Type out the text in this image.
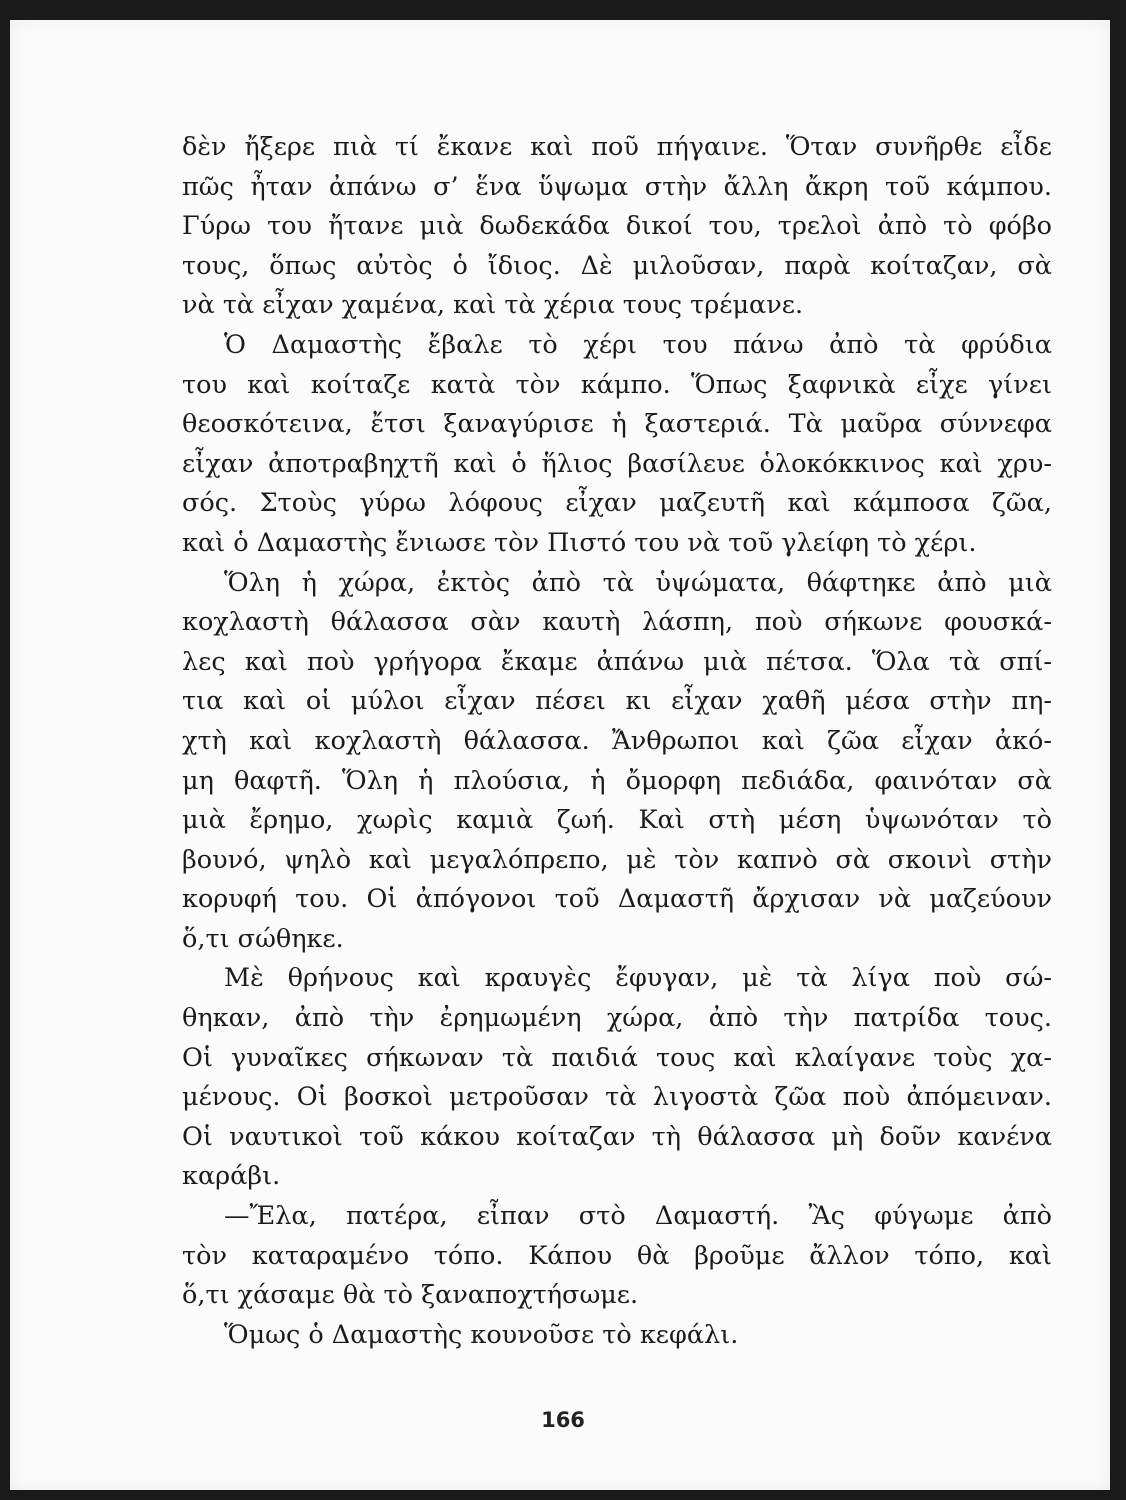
δὲν ἤξερε πιὰ τί ἔκανε καὶ ποῦ πήγαινε. Ὅταν συνῆρθε εἶδε
πῶς ἦταν ἀπάνω σ’ ἕνα ὕψωμα στὴν ἄλλη ἄκρη τοῦ κάμπου.
Γύρω του ἤτανε μιὰ δωδεκάδα δικοί του, τρελοὶ ἀπὸ τὸ φόβο
τους, ὅπως αὐτὸς ὁ ἴδιος. Δὲ μιλοῦσαν, παρὰ κοίταζαν, σὰ
νὰ τὰ εἶχαν χαμένα, καὶ τὰ χέρια τους τρέμανε.
Ὁ Δαμαστὴς ἔβαλε τὸ χέρι του πάνω ἀπὸ τὰ φρύδια
του καὶ κοίταζε κατὰ τὸν κάμπο. Ὅπως ξαφνικὰ εἶχε γίνει
θεοσκότεινα, ἔτσι ξαναγύρισε ἡ ξαστεριά. Τὰ μαῦρα σύννεφα
εἶχαν ἀποτραβηχτῆ καὶ ὁ ἥλιος βασίλευε ὁλοκόκκινος καὶ χρυ-
σός. Στοὺς γύρω λόφους εἶχαν μαζευτῆ καὶ κάμποσα ζῶα,
καὶ ὁ Δαμαστὴς ἔνιωσε τὸν Πιστό του νὰ τοῦ γλείφη τὸ χέρι.
Ὅλη ἡ χώρα, ἐκτὸς ἀπὸ τὰ ὑψώματα, θάφτηκε ἀπὸ μιὰ
κοχλαστὴ θάλασσα σὰν καυτὴ λάσπη, ποὺ σήκωνε φουσκά-
λες καὶ ποὺ γρήγορα ἔκαμε ἀπάνω μιὰ πέτσα. Ὅλα τὰ σπί-
τια καὶ οἱ μύλοι εἶχαν πέσει κι εἶχαν χαθῆ μέσα στὴν πη-
χτὴ καὶ κοχλαστὴ θάλασσα. Ἄνθρωποι καὶ ζῶα εἶχαν ἀκό-
μη θαφτῆ. Ὅλη ἡ πλούσια, ἡ ὄμορφη πεδιάδα, φαινόταν σὰ
μιὰ ἔρημο, χωρὶς καμιὰ ζωή. Καὶ στὴ μέση ὑψωνόταν τὸ
βουνό, ψηλὸ καὶ μεγαλόπρεπο, μὲ τὸν καπνὸ σὰ σκοινὶ στὴν
κορυφή του. Οἱ ἀπόγονοι τοῦ Δαμαστῆ ἄρχισαν νὰ μαζεύουν
ὅ,τι σώθηκε.
Μὲ θρήνους καὶ κραυγὲς ἔφυγαν, μὲ τὰ λίγα ποὺ σώ-
θηκαν, ἀπὸ τὴν ἐρημωμένη χώρα, ἀπὸ τὴν πατρίδα τους.
Οἱ γυναῖκες σήκωναν τὰ παιδιά τους καὶ κλαίγανε τοὺς χα-
μένους. Οἱ βοσκοὶ μετροῦσαν τὰ λιγοστὰ ζῶα ποὺ ἀπόμειναν.
Οἱ ναυτικοὶ τοῦ κάκου κοίταζαν τὴ θάλασσα μὴ δοῦν κανένα
καράβι.
—Ἔλα, πατέρα, εἶπαν στὸ Δαμαστή. Ἂς φύγωμε ἀπὸ
τὸν καταραμένο τόπο. Κάπου θὰ βροῦμε ἄλλον τόπο, καὶ
ὅ,τι χάσαμε θὰ τὸ ξαναποχτήσωμε.
Ὅμως ὁ Δαμαστὴς κουνοῦσε τὸ κεφάλι.
166
